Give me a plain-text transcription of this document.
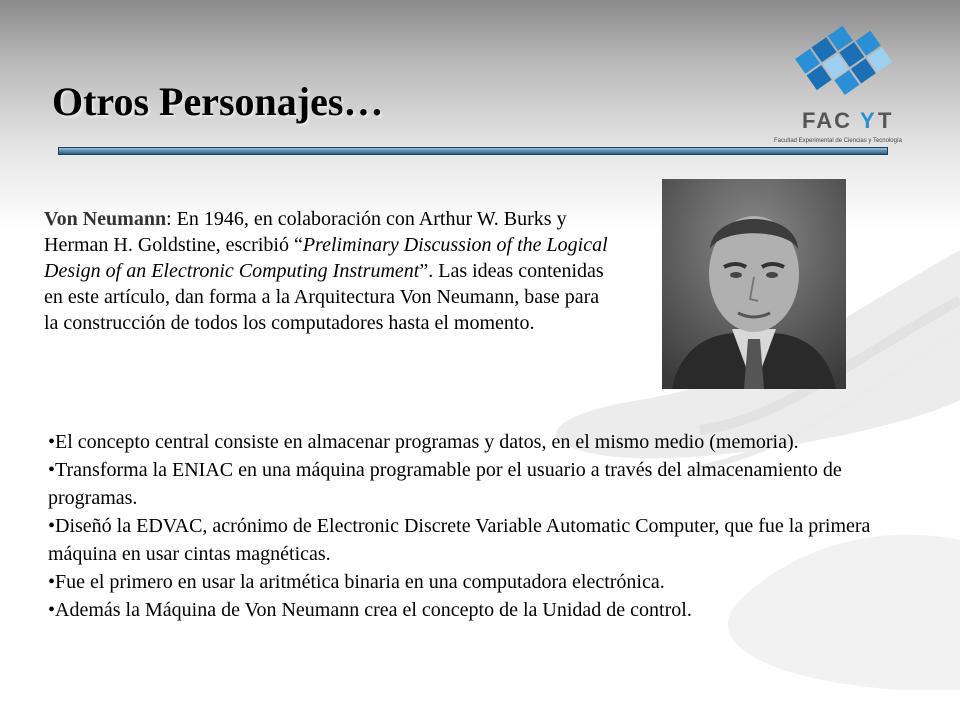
Otros Personajes…	FAC Y T
Facultad Experimental de Ciencias y Tecnología

Von Neumann: En 1946, en colaboración con Arthur W. Burks y Herman H. Goldstine, escribió “Preliminary Discussion of the Logical Design of an Electronic Computing Instrument”. Las ideas contenidas en este artículo, dan forma a la Arquitectura Von Neumann, base para la construcción de todos los computadores hasta el momento.

•El concepto central consiste en almacenar programas y datos, en el mismo medio (memoria).
•Transforma la ENIAC en una máquina programable por el usuario a través del almacenamiento de programas.
•Diseñó la EDVAC, acrónimo de Electronic Discrete Variable Automatic Computer, que fue la primera máquina en usar cintas magnéticas.
•Fue el primero en usar la aritmética binaria en una computadora electrónica.
•Además la Máquina de Von Neumann crea el concepto de la Unidad de control.
